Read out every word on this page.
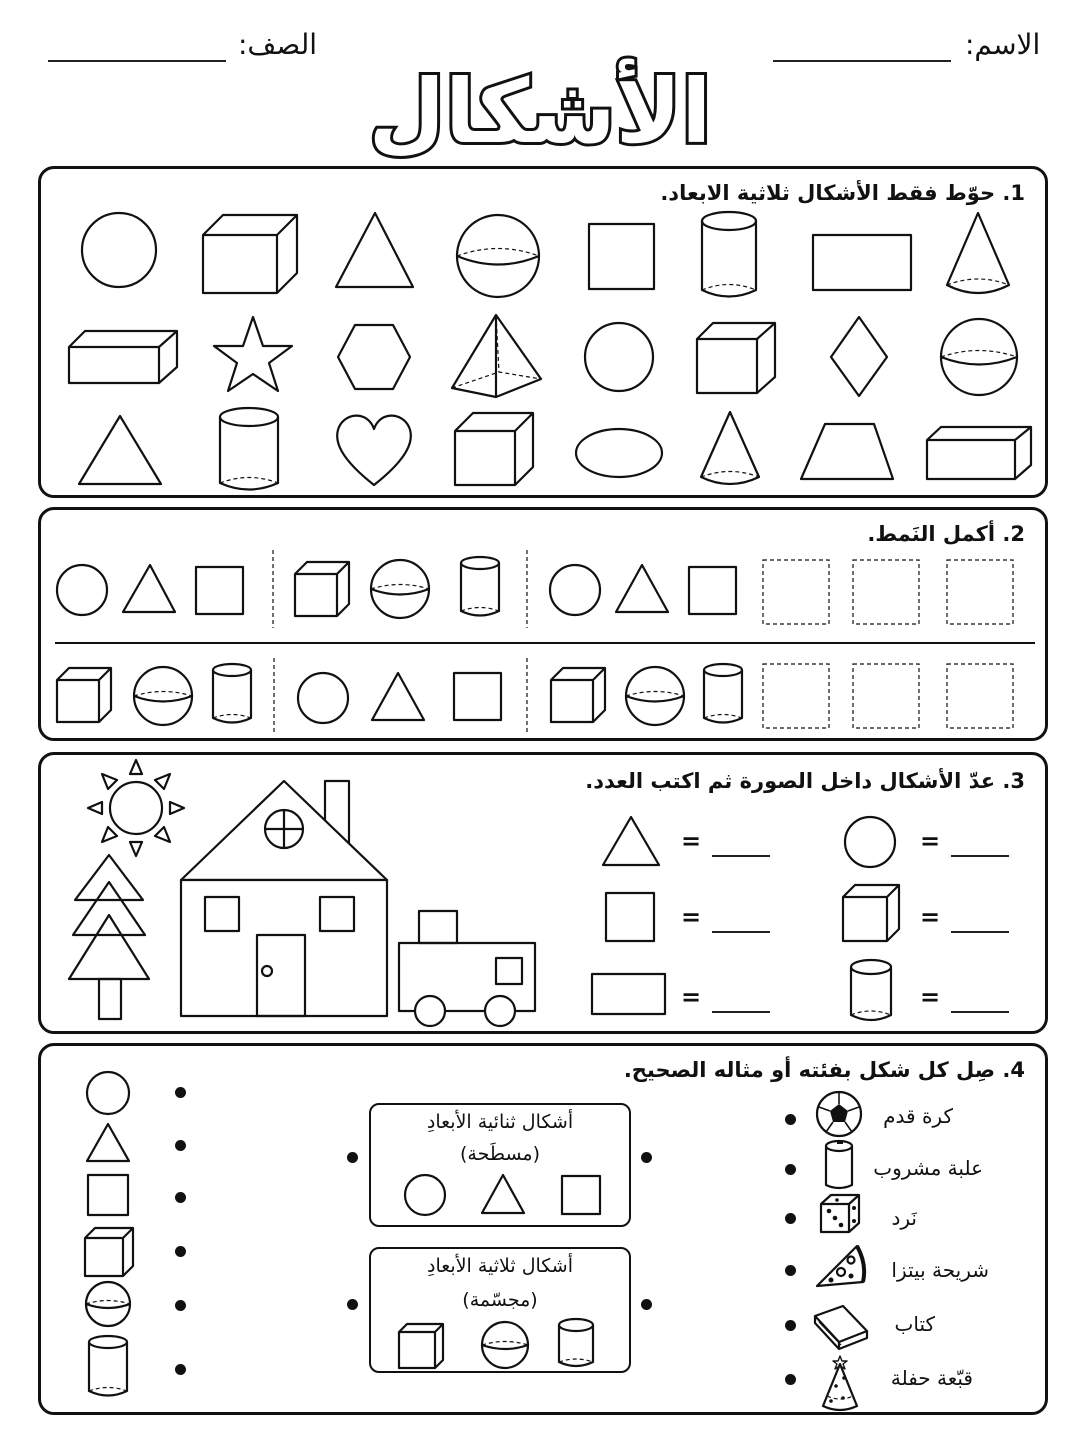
الاسم:
الصف:
الأشكال
1. حوّط فقط الأشكال ثلاثية الابعاد.
2. أكمل النَمط.
3. عدّ الأشكال داخل الصورة ثم اكتب العدد.
=
=
=
=
=
=
4. صِل كل شكل بفئته أو مثاله الصحيح.
أشكال ثنائية الأبعادِ
(مسطَحة)
أشكال ثلاثية الأبعادِ
(مجسّمة)
كرة قدم
علبة مشروب
نَرد
شريحة بيتزا
كتاب
قبّعة حفلة
